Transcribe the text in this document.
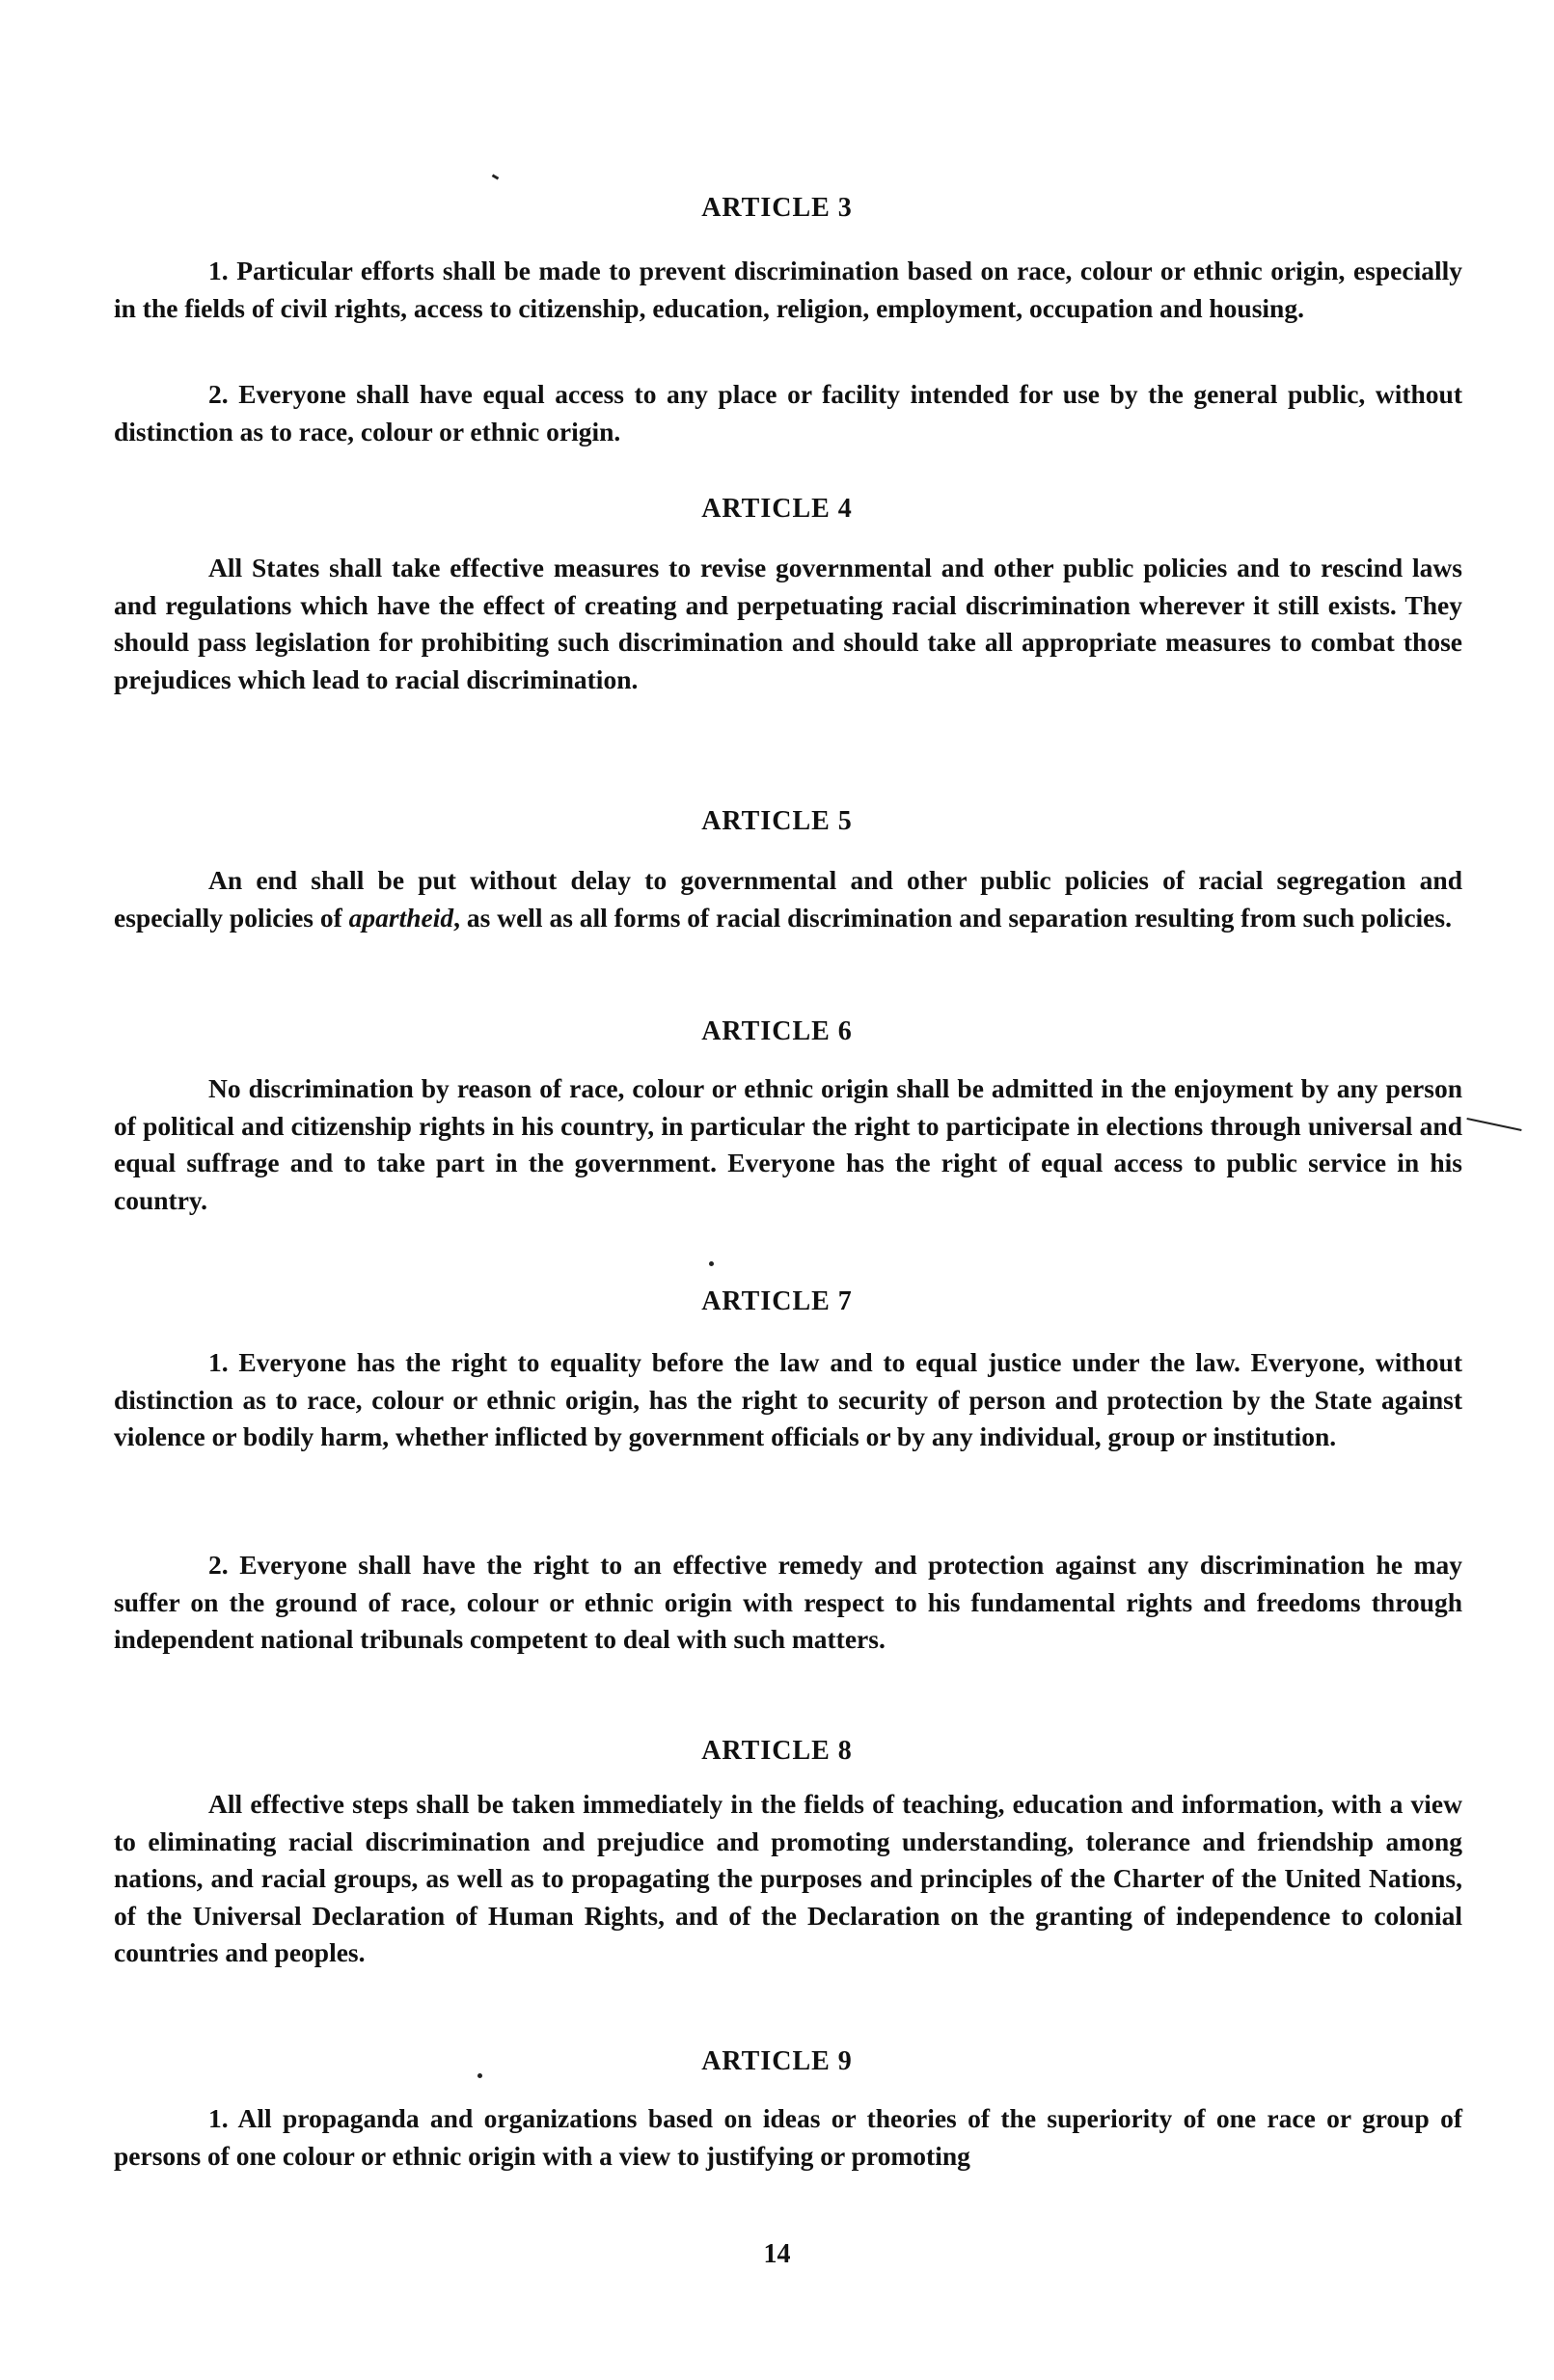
ARTICLE 3
1. Particular efforts shall be made to prevent discrimination based on race, colour or ethnic origin, especially in the fields of civil rights, access to citizenship, education, religion, employment, occupation and housing.
2. Everyone shall have equal access to any place or facility intended for use by the general public, without distinction as to race, colour or ethnic origin.
ARTICLE 4
All States shall take effective measures to revise governmental and other public policies and to rescind laws and regulations which have the effect of creating and perpetuating racial discrimination wherever it still exists. They should pass legislation for prohibiting such discrimination and should take all appropriate measures to combat those prejudices which lead to racial discrimination.
ARTICLE 5
An end shall be put without delay to governmental and other public policies of racial segregation and especially policies of apartheid, as well as all forms of racial discrimination and separation resulting from such policies.
ARTICLE 6
No discrimination by reason of race, colour or ethnic origin shall be admitted in the enjoyment by any person of political and citizenship rights in his country, in particular the right to participate in elections through universal and equal suffrage and to take part in the government. Everyone has the right of equal access to public service in his country.
ARTICLE 7
1. Everyone has the right to equality before the law and to equal justice under the law. Everyone, without distinction as to race, colour or ethnic origin, has the right to security of person and protection by the State against violence or bodily harm, whether inflicted by government officials or by any individual, group or institution.
2. Everyone shall have the right to an effective remedy and protection against any discrimination he may suffer on the ground of race, colour or ethnic origin with respect to his fundamental rights and freedoms through independent national tribunals competent to deal with such matters.
ARTICLE 8
All effective steps shall be taken immediately in the fields of teaching, education and information, with a view to eliminating racial discrimination and prejudice and promoting understanding, tolerance and friendship among nations, and racial groups, as well as to propagating the purposes and principles of the Charter of the United Nations, of the Universal Declaration of Human Rights, and of the Declaration on the granting of independence to colonial countries and peoples.
ARTICLE 9
1. All propaganda and organizations based on ideas or theories of the superiority of one race or group of persons of one colour or ethnic origin with a view to justifying or promoting
14
